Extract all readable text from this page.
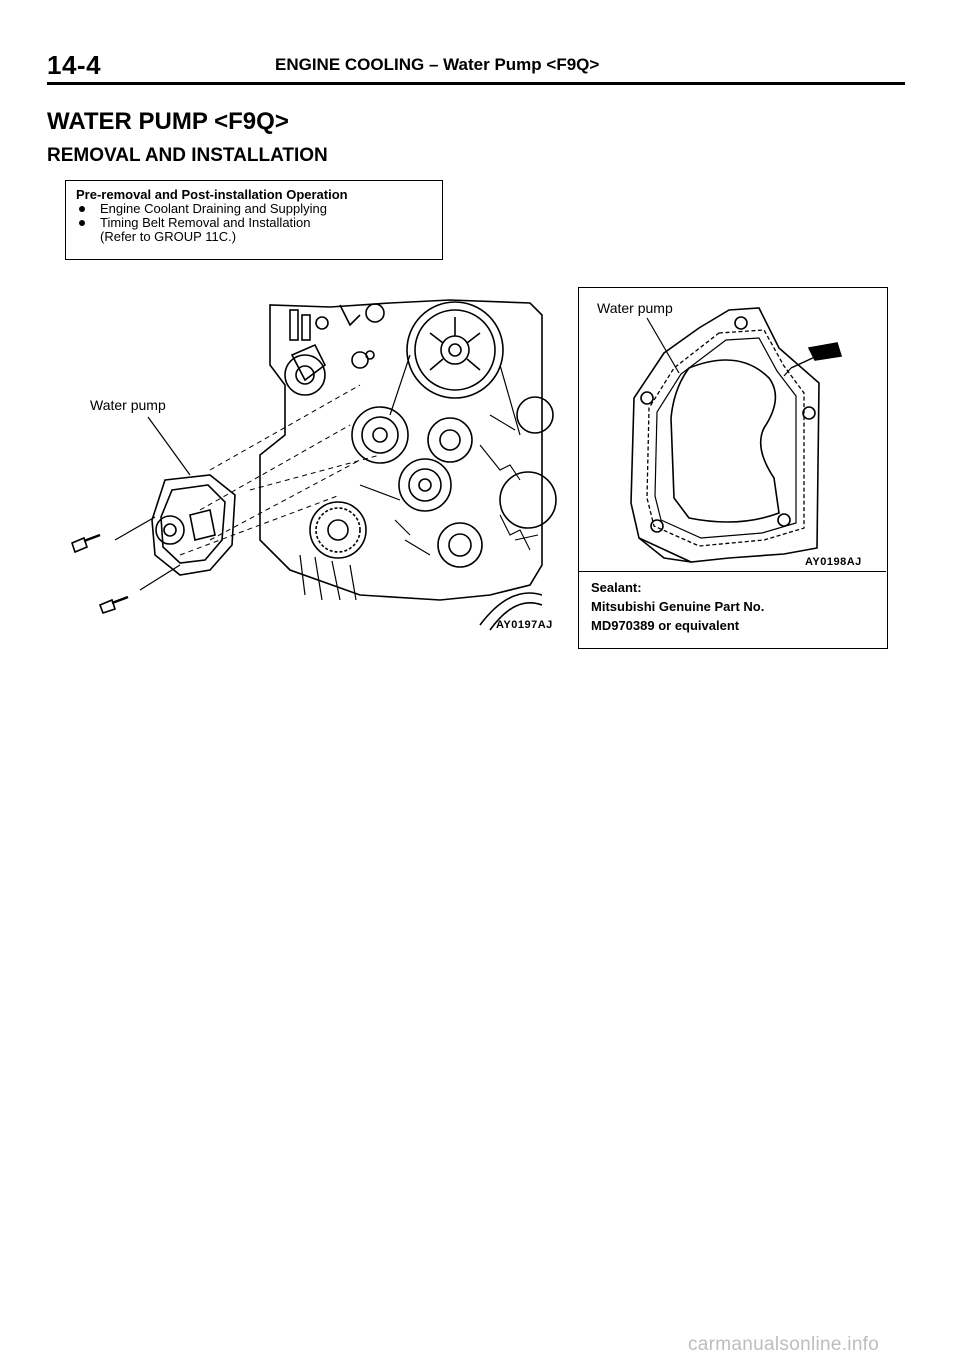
14-4	ENGINE COOLING – Water Pump <F9Q>
WATER PUMP <F9Q>
REMOVAL AND INSTALLATION
Pre-removal and Post-installation Operation
Engine Coolant Draining and Supplying
Timing Belt Removal and Installation
(Refer to GROUP 11C.)
Water pump
AY0197AJ
Water pump
AY0198AJ
Sealant:
Mitsubishi Genuine Part No.
MD970389 or equivalent
carmanualsonline.info
